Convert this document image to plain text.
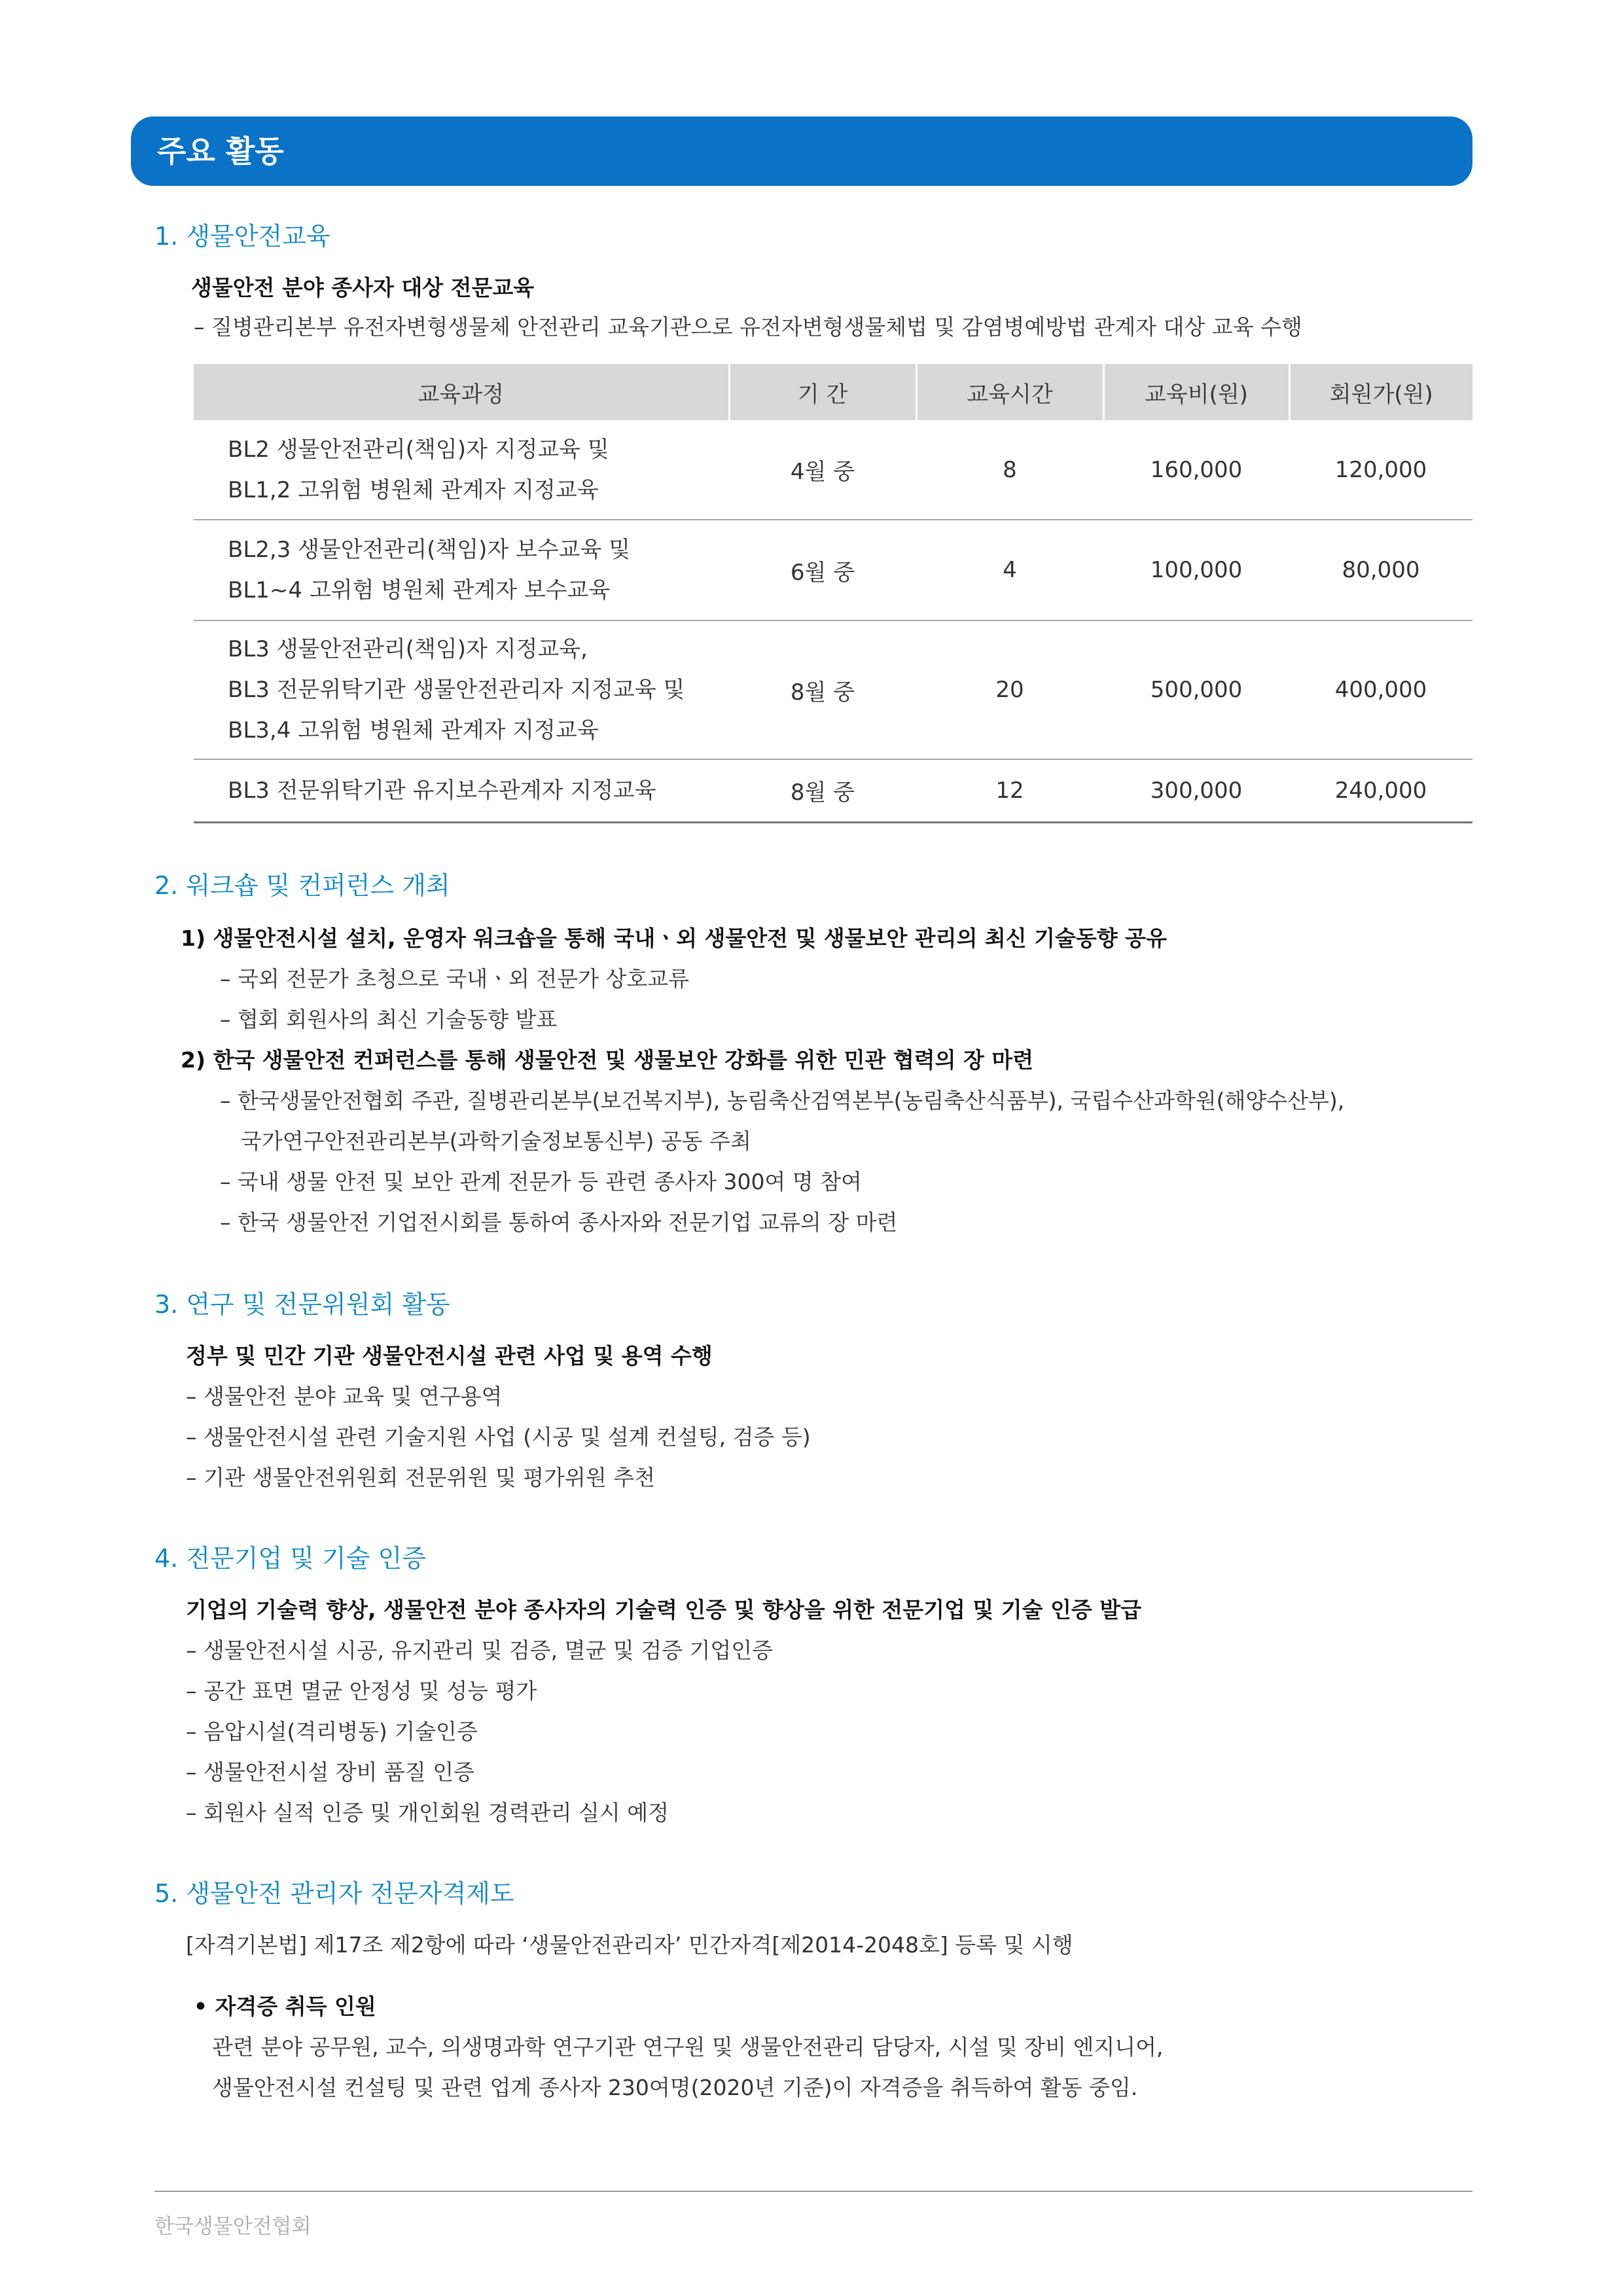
주요 활동
1. 생물안전교육
생물안전 분야 종사자 대상 전문교육
– 질병관리본부 유전자변형생물체 안전관리 교육기관으로 유전자변형생물체법 및 감염병예방법 관계자 대상 교육 수행
교육과정	기 간	교육시간	교육비(원)	회원가(원)

BL2 생물안전관리(책임)자 지정교육 및
BL1,2 고위험 병원체 관계자 지정교육	4월 중	8	160,000	120,000

BL2,3 생물안전관리(책임)자 보수교육 및
BL1~4 고위험 병원체 관계자 보수교육	6월 중	4	100,000	80,000

BL3 생물안전관리(책임)자 지정교육,
BL3 전문위탁기관 생물안전관리자 지정교육 및
BL3,4 고위험 병원체 관계자 지정교육	8월 중	20	500,000	400,000

BL3 전문위탁기관 유지보수관계자 지정교육	8월 중	12	300,000	240,000
2. 워크숍 및 컨퍼런스 개최
1) 생물안전시설 설치, 운영자 워크숍을 통해 국내ㆍ외 생물안전 및 생물보안 관리의 최신 기술동향 공유
– 국외 전문가 초청으로 국내ㆍ외 전문가 상호교류
– 협회 회원사의 최신 기술동향 발표
2) 한국 생물안전 컨퍼런스를 통해 생물안전 및 생물보안 강화를 위한 민관 협력의 장 마련
– 한국생물안전협회 주관, 질병관리본부(보건복지부), 농림축산검역본부(농림축산식품부), 국립수산과학원(해양수산부),
국가연구안전관리본부(과학기술정보통신부) 공동 주최
– 국내 생물 안전 및 보안 관계 전문가 등 관련 종사자 300여 명 참여
– 한국 생물안전 기업전시회를 통하여 종사자와 전문기업 교류의 장 마련
3. 연구 및 전문위원회 활동
정부 및 민간 기관 생물안전시설 관련 사업 및 용역 수행
– 생물안전 분야 교육 및 연구용역
– 생물안전시설 관련 기술지원 사업 (시공 및 설계 컨설팅, 검증 등)
– 기관 생물안전위원회 전문위원 및 평가위원 추천
4. 전문기업 및 기술 인증
기업의 기술력 향상, 생물안전 분야 종사자의 기술력 인증 및 향상을 위한 전문기업 및 기술 인증 발급
– 생물안전시설 시공, 유지관리 및 검증, 멸균 및 검증 기업인증
– 공간 표면 멸균 안정성 및 성능 평가
– 음압시설(격리병동) 기술인증
– 생물안전시설 장비 품질 인증
– 회원사 실적 인증 및 개인회원 경력관리 실시 예정
5. 생물안전 관리자 전문자격제도
[자격기본법] 제17조 제2항에 따라 ‘생물안전관리자’ 민간자격[제2014-2048호] 등록 및 시행
• 자격증 취득 인원
관련 분야 공무원, 교수, 의생명과학 연구기관 연구원 및 생물안전관리 담당자, 시설 및 장비 엔지니어,
생물안전시설 컨설팅 및 관련 업계 종사자 230여명(2020년 기준)이 자격증을 취득하여 활동 중임.
한국생물안전협회
